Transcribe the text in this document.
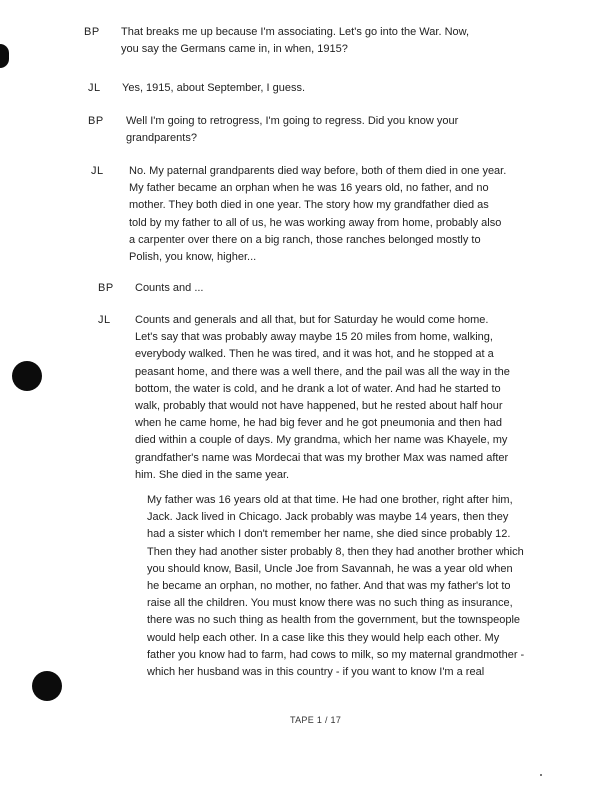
BP That breaks me up because I'm associating. Let's go into the War. Now,
you say the Germans came in, in when, 1915?
JL Yes, 1915, about September, I guess.
BP Well I'm going to retrogress, I'm going to regress. Did you know your
grandparents?
JL No. My paternal grandparents died way before, both of them died in one year.
My father became an orphan when he was 16 years old, no father, and no
mother. They both died in one year. The story how my grandfather died as
told by my father to all of us, he was working away from home, probably also
a carpenter over there on a big ranch, those ranches belonged mostly to
Polish, you know, higher...
BP Counts and ...
JL Counts and generals and all that, but for Saturday he would come home.
Let's say that was probably away maybe 15 20 miles from home, walking,
everybody walked. Then he was tired, and it was hot, and he stopped at a
peasant home, and there was a well there, and the pail was all the way in the
bottom, the water is cold, and he drank a lot of water. And had he started to
walk, probably that would not have happened, but he rested about half hour
when he came home, he had big fever and he got pneumonia and then had
died within a couple of days. My grandma, which her name was Khayele, my
grandfather's name was Mordecai that was my brother Max was named after
him. She died in the same year.
My father was 16 years old at that time. He had one brother, right after him,
Jack. Jack lived in Chicago. Jack probably was maybe 14 years, then they
had a sister which I don't remember her name, she died since probably 12.
Then they had another sister probably 8, then they had another brother which
you should know, Basil, Uncle Joe from Savannah, he was a year old when
he became an orphan, no mother, no father. And that was my father's lot to
raise all the children. You must know there was no such thing as insurance,
there was no such thing as health from the government, but the townspeople
would help each other. In a case like this they would help each other. My
father you know had to farm, had cows to milk, so my maternal grandmother -
which her husband was in this country - if you want to know I'm a real
TAPE 1 / 17
